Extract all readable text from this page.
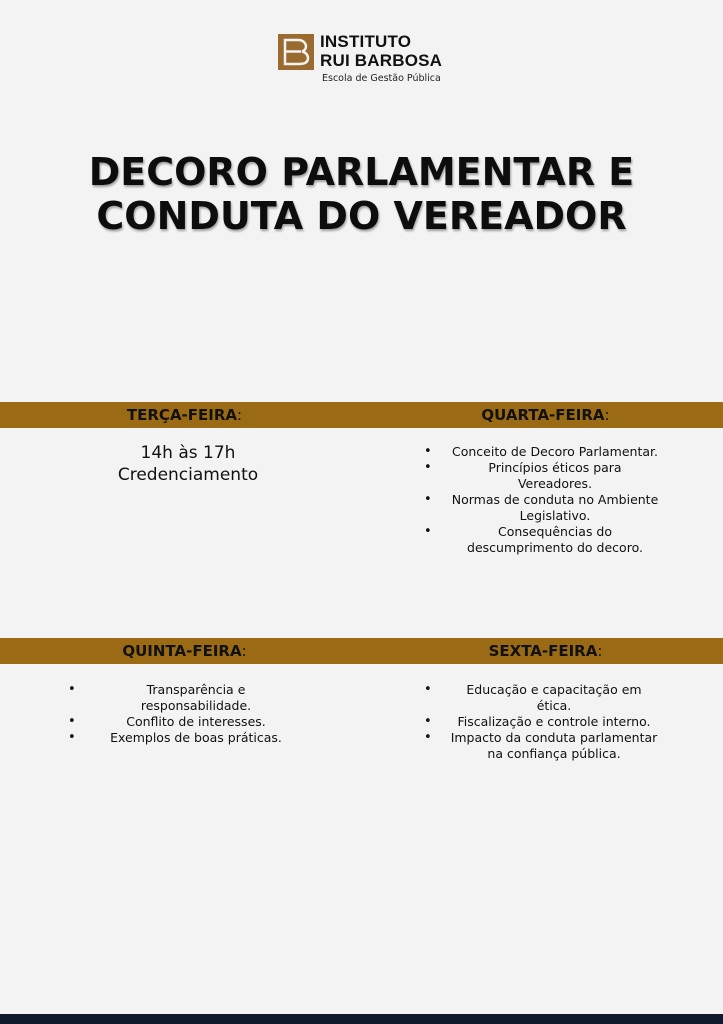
INSTITUTO
RUI BARBOSA
Escola de Gestão Pública
DECORO PARLAMENTAR E
CONDUTA DO VEREADOR
TERÇA-FEIRA:	QUARTA-FEIRA:
14h às 17h
Credenciamento
• Conceito de Decoro Parlamentar.
• Princípios éticos para Vereadores.
• Normas de conduta no Ambiente Legislativo.
• Consequências do descumprimento do decoro.
QUINTA-FEIRA:	SEXTA-FEIRA:
• Transparência e responsabilidade.
• Conflito de interesses.
• Exemplos de boas práticas.
• Educação e capacitação em ética.
• Fiscalização e controle interno.
• Impacto da conduta parlamentar na confiança pública.
